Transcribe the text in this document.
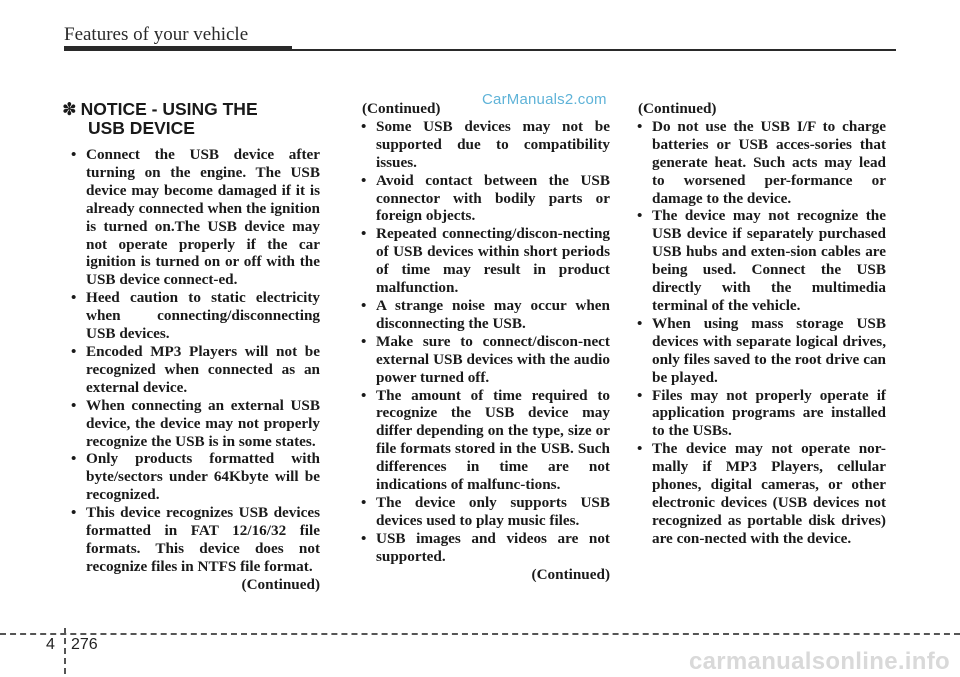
Features of your vehicle
CarManuals2.com
✽ NOTICE - USING THE
USB DEVICE
• Connect the USB device after turning on the engine. The USB device may become damaged if it is already connected when the ignition is turned on.The USB device may not operate properly if the car ignition is turned on or off with the USB device connect-ed.
• Heed caution to static electricity when connecting/disconnecting USB devices.
• Encoded MP3 Players will not be recognized when connected as an external device.
• When connecting an external USB device, the device may not properly recognize the USB is in some states.
• Only products formatted with byte/sectors under 64Kbyte will be recognized.
• This device recognizes USB devices formatted in FAT 12/16/32 file formats. This device does not recognize files in NTFS file format.
(Continued)
(Continued)
• Some USB devices may not be supported due to compatibility issues.
• Avoid contact between the USB connector with bodily parts or foreign objects.
• Repeated connecting/discon-necting of USB devices within short periods of time may result in product malfunction.
• A strange noise may occur when disconnecting the USB.
• Make sure to connect/discon-nect external USB devices with the audio power turned off.
• The amount of time required to recognize the USB device may differ depending on the type, size or file formats stored in the USB. Such differences in time are not indications of malfunc-tions.
• The device only supports USB devices used to play music files.
• USB images and videos are not supported.
(Continued)
(Continued)
• Do not use the USB I/F to charge batteries or USB acces-sories that generate heat. Such acts may lead to worsened per-formance or damage to the device.
• The device may not recognize the USB device if separately purchased USB hubs and exten-sion cables are being used. Connect the USB directly with the multimedia terminal of the vehicle.
• When using mass storage USB devices with separate logical drives, only files saved to the root drive can be played.
• Files may not properly operate if application programs are installed to the USBs.
• The device may not operate nor-mally if MP3 Players, cellular phones, digital cameras, or other electronic devices (USB devices not recognized as portable disk drives) are con-nected with the device.
4 276
carmanualsonline.info
